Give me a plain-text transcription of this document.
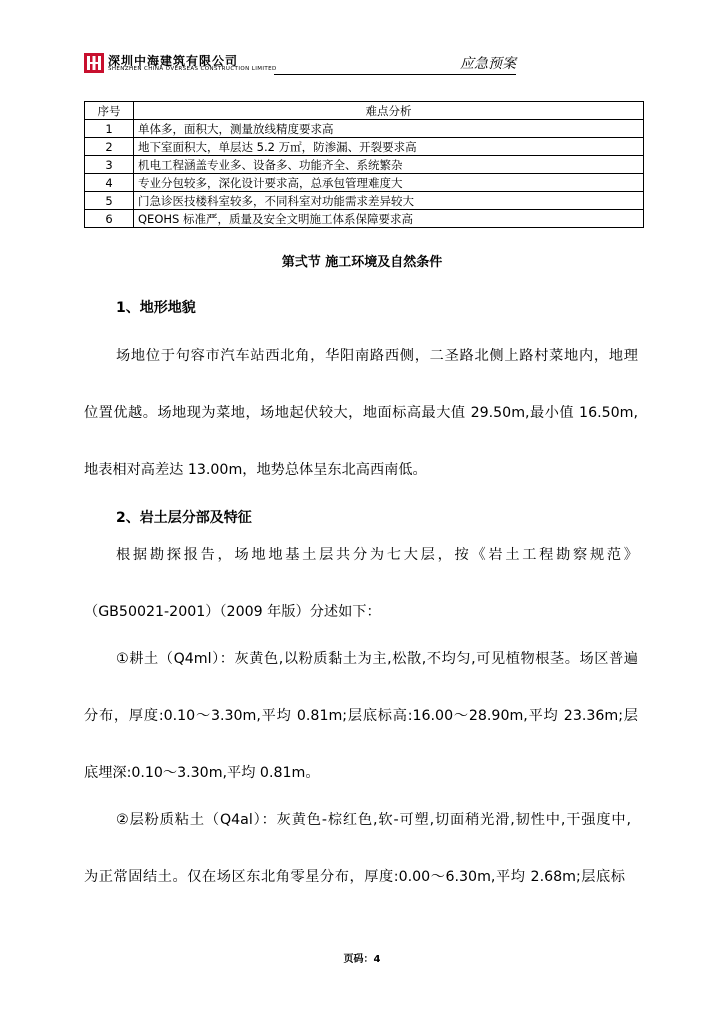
深圳中海建筑有限公司
SHENZHEN CHINA OVERSEAS CONSTRUCTION LIMITED	应急预案
序号	难点分析
1	单体多，面积大，测量放线精度要求高
2	地下室面积大，单层达 5.2 万㎡，防渗漏、开裂要求高
3	机电工程涵盖专业多、设备多、功能齐全、系统繁杂
4	专业分包较多，深化设计要求高，总承包管理难度大
5	门急诊医技楼科室较多，不同科室对功能需求差异较大
6	QEOHS 标准严，质量及安全文明施工体系保障要求高
第弍节 施工环境及自然条件
1、地形地貌
场地位于句容市汽车站西北角，华阳南路西侧，二圣路北侧上路村菜地内，地理
位置优越。场地现为菜地，场地起伏较大，地面标高最大值 29.50m,最小值 16.50m,
地表相对高差达 13.00m，地势总体呈东北高西南低。
2、岩土层分部及特征
根据勘探报告，场地地基土层共分为七大层，按《岩土工程勘察规范》
（GB50021-2001）（2009 年版）分述如下：
①耕土（Q4ml）：灰黄色,以粉质黏土为主,松散,不均匀,可见植物根茎。场区普遍
分布，厚度:0.10～3.30m,平均 0.81m;层底标高:16.00～28.90m,平均 23.36m;层
底埋深:0.10～3.30m,平均 0.81m。
②层粉质粘土（Q4al）：灰黄色-棕红色,软-可塑,切面稍光滑,韧性中,干强度中,
为正常固结土。仅在场区东北角零星分布，厚度:0.00～6.30m,平均 2.68m;层底标
页码：4
